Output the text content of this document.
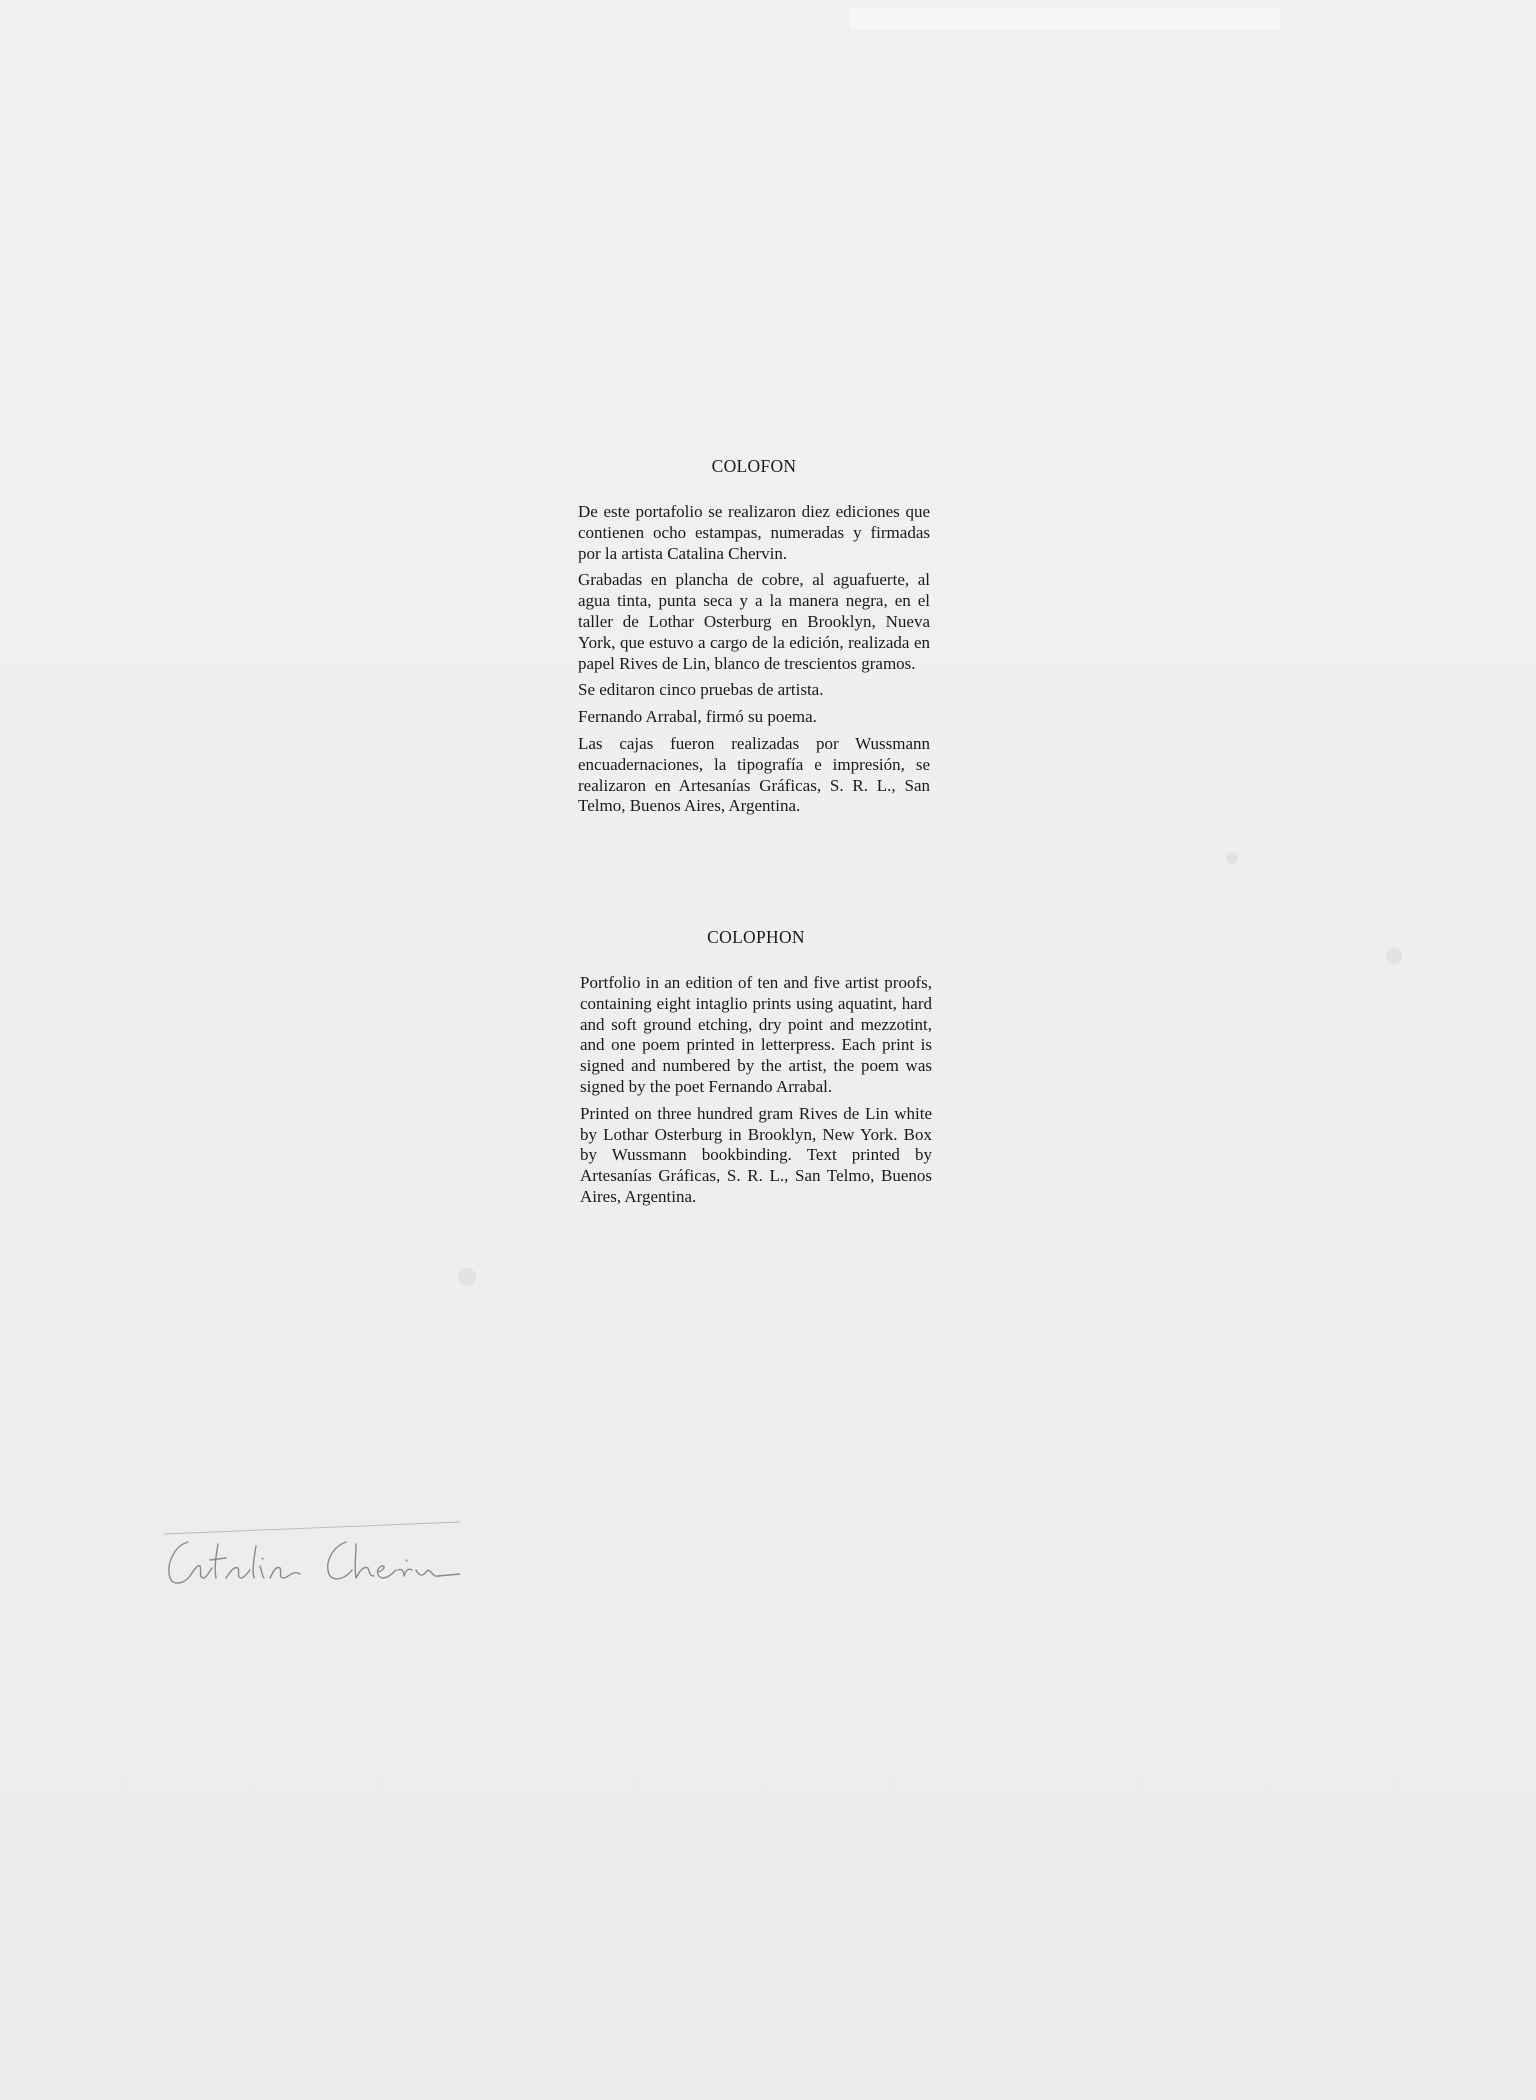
COLOFON

De este portafolio se realizaron diez ediciones que contienen ocho estampas, numeradas y firmadas por la artista Catalina Chervin.

Grabadas en plancha de cobre, al aguafuerte, al agua tinta, punta seca y a la manera negra, en el taller de Lothar Osterburg en Brooklyn, Nueva York, que estuvo a cargo de la edición, realizada en papel Rives de Lin, blanco de trescientos gramos.

Se editaron cinco pruebas de artista.

Fernando Arrabal, firmó su poema.

Las cajas fueron realizadas por Wussmann encuadernaciones, la tipografía e impresión, se realizaron en Artesanías Gráficas, S. R. L., San Telmo, Buenos Aires, Argentina.

COLOPHON

Portfolio in an edition of ten and five artist proofs, containing eight intaglio prints using aquatint, hard and soft ground etching, dry point and mezzotint, and one poem printed in letterpress. Each print is signed and numbered by the artist, the poem was signed by the poet Fernando Arrabal.

Printed on three hundred gram Rives de Lin white by Lothar Osterburg in Brooklyn, New York. Box by Wussmann bookbinding. Text printed by Artesanías Gráficas, S. R. L., San Telmo, Buenos Aires, Argentina.
